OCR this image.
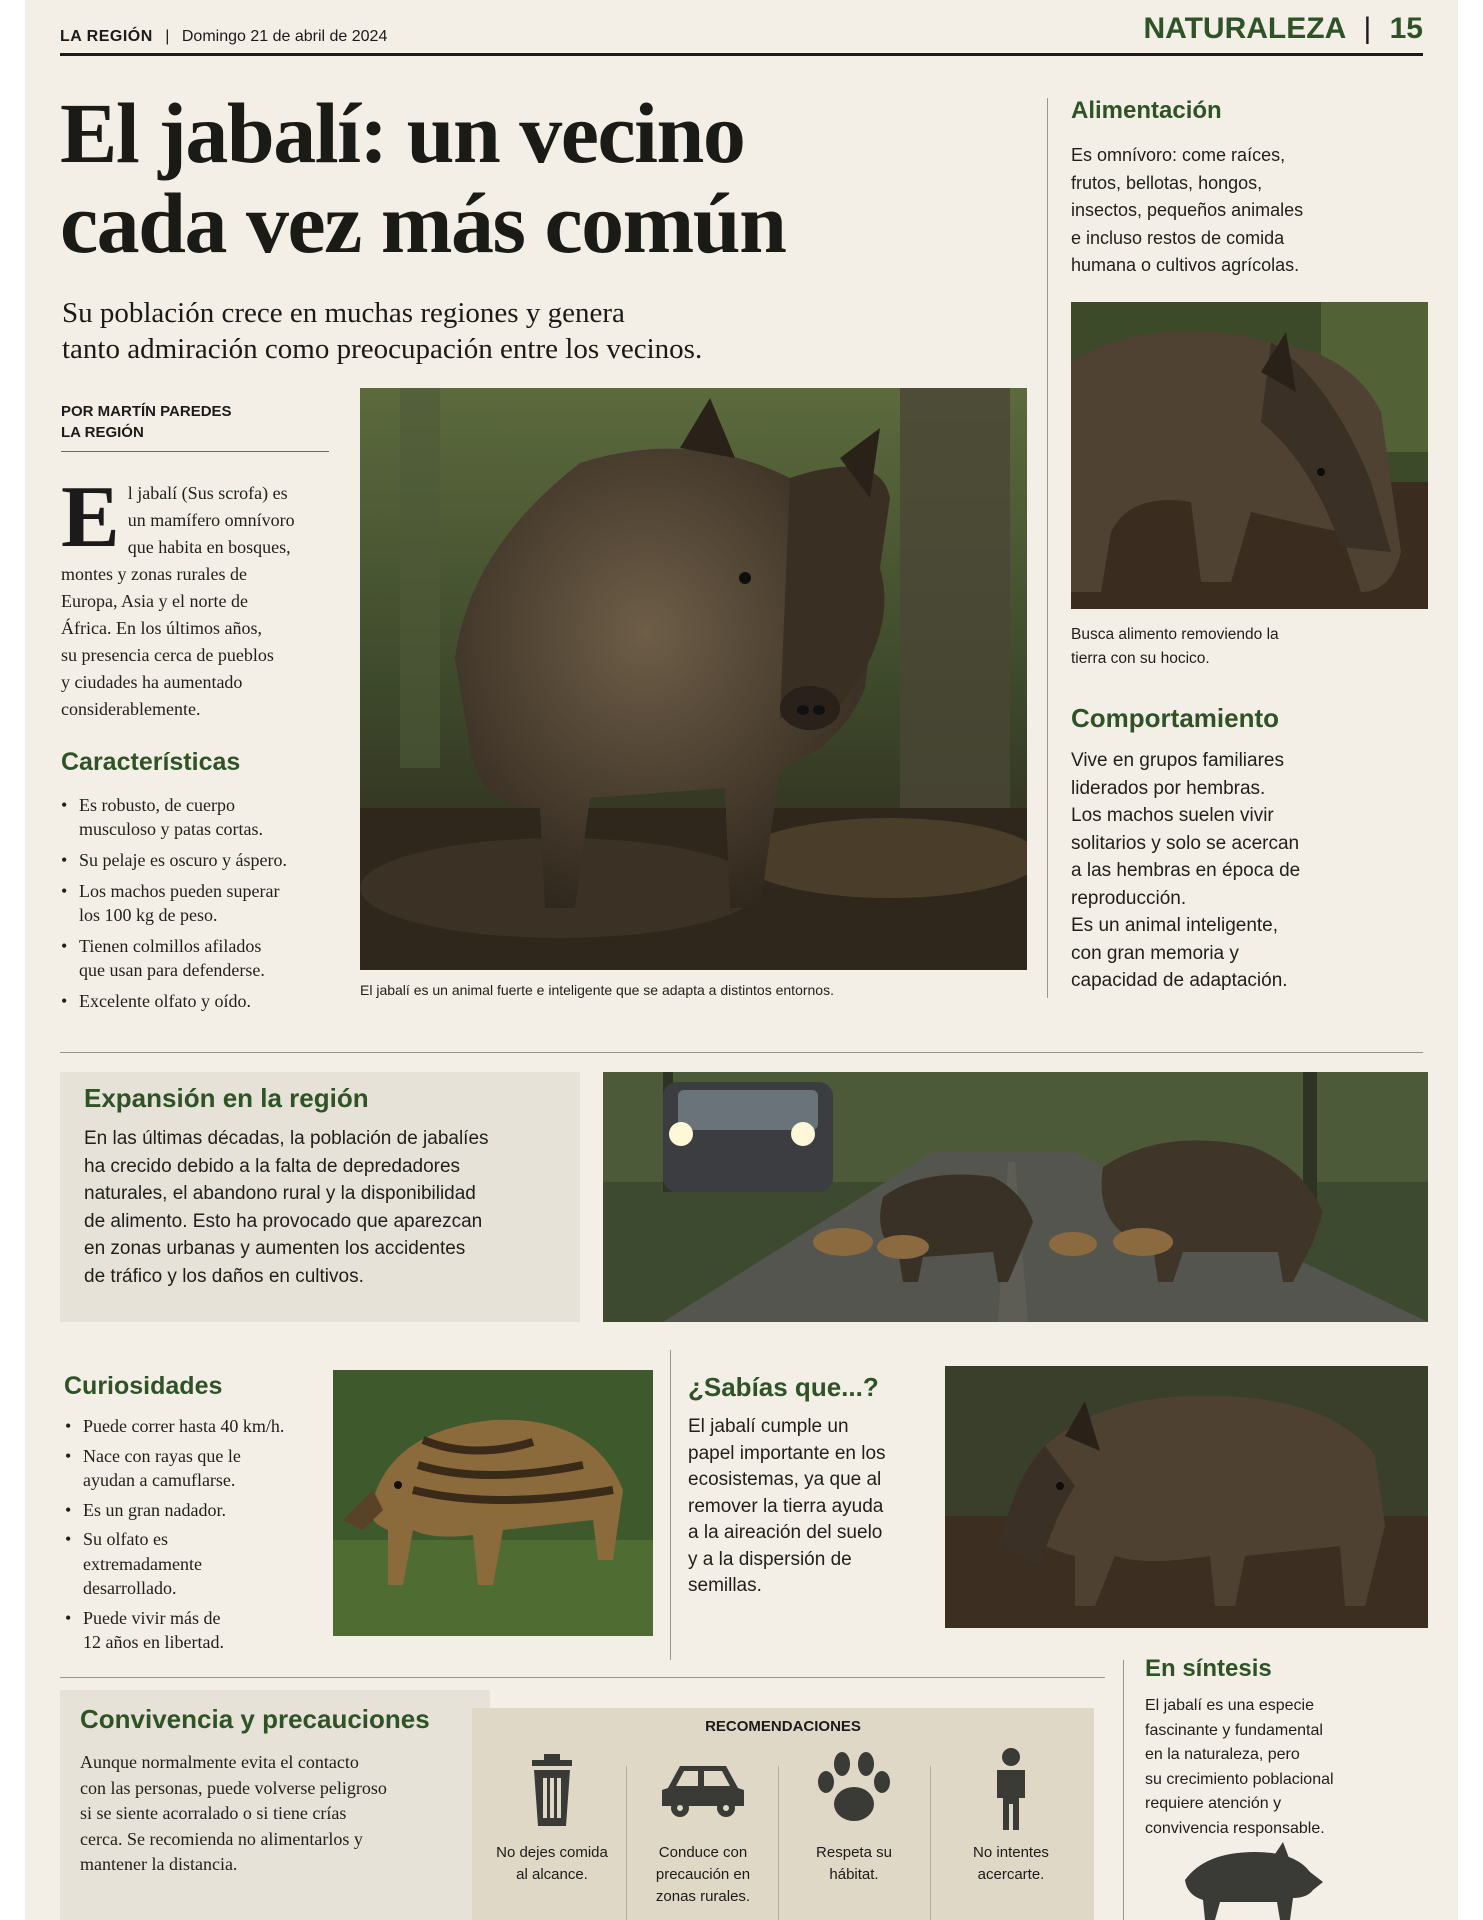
LA REGIÓN | Domingo 21 de abril de 2024	NATURALEZA | 15
El jabalí: un vecino
cada vez más común
Su población crece en muchas regiones y genera
tanto admiración como preocupación entre los vecinos.
POR MARTÍN PAREDES
LA REGIÓN
E l jabalí (Sus scrofa) es
un mamífero omnívoro
que habita en bosques,
montes y zonas rurales de
Europa, Asia y el norte de
África. En los últimos años,
su presencia cerca de pueblos
y ciudades ha aumentado
considerablemente.
Características
• Es robusto, de cuerpo
musculoso y patas cortas.
• Su pelaje es oscuro y áspero.
• Los machos pueden superar
los 100 kg de peso.
• Tienen colmillos afilados
que usan para defenderse.
• Excelente olfato y oído.
El jabalí es un animal fuerte e inteligente que se adapta a distintos entornos.
Alimentación
Es omnívoro: come raíces,
frutos, bellotas, hongos,
insectos, pequeños animales
e incluso restos de comida
humana o cultivos agrícolas.
Busca alimento removiendo la
tierra con su hocico.
Comportamiento
Vive en grupos familiares
liderados por hembras.
Los machos suelen vivir
solitarios y solo se acercan
a las hembras en época de
reproducción.
Es un animal inteligente,
con gran memoria y
capacidad de adaptación.
Expansión en la región
En las últimas décadas, la población de jabalíes
ha crecido debido a la falta de depredadores
naturales, el abandono rural y la disponibilidad
de alimento. Esto ha provocado que aparezcan
en zonas urbanas y aumenten los accidentes
de tráfico y los daños en cultivos.
Curiosidades
• Puede correr hasta 40 km/h.
• Nace con rayas que le
ayudan a camuflarse.
• Es un gran nadador.
• Su olfato es
extremadamente
desarrollado.
• Puede vivir más de
12 años en libertad.
¿Sabías que...?
El jabalí cumple un
papel importante en los
ecosistemas, ya que al
remover la tierra ayuda
a la aireación del suelo
y a la dispersión de
semillas.
Convivencia y precauciones
Aunque normalmente evita el contacto
con las personas, puede volverse peligroso
si se siente acorralado o si tiene crías
cerca. Se recomienda no alimentarlos y
mantener la distancia.
RECOMENDACIONES
No dejes comida
al alcance.
Conduce con
precaución en
zonas rurales.
Respeta su
hábitat.
No intentes
acercarte.
En síntesis
El jabalí es una especie
fascinante y fundamental
en la naturaleza, pero
su crecimiento poblacional
requiere atención y
convivencia responsable.
